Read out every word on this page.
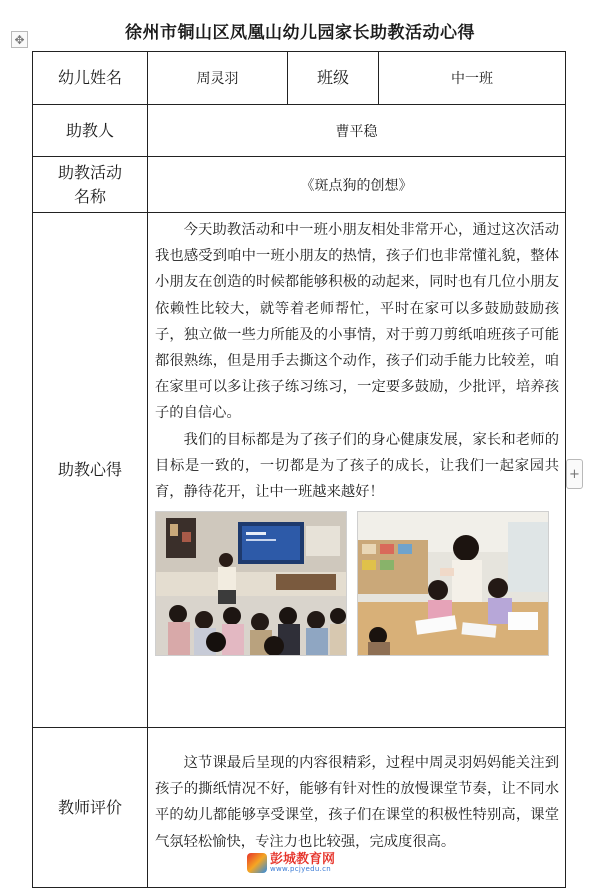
徐州市铜山区凤凰山幼儿园家长助教活动心得
✥
+
幼儿姓名	周灵羽	班级	中一班
助教人	曹平稳		

助教活动
名称	《斑点狗的创想》		
助教心得	今天助教活动和中一班小朋友相处非常开心，通过这次活动我也感受到咱中一班小朋友的热情，孩子们也非常懂礼貌，整体小朋友在创造的时候都能够积极的动起来，同时也有几位小朋友依赖性比较大，就等着老师帮忙，平时在家可以多鼓励鼓励孩子，独立做一些力所能及的小事情，对于剪刀剪纸咱班孩子可能都很熟练，但是用手去撕这个动作，孩子们动手能力比较差，咱在家里可以多让孩子练习练习，一定要多鼓励，少批评，培养孩子的自信心。

我们的目标都是为了孩子们的身心健康发展，家长和老师的目标是一致的，一切都是为了孩子的成长，让我们一起家园共育，静待花开，让中一班越来越好！		

教师评价	这节课最后呈现的内容很精彩，过程中周灵羽妈妈能关注到孩子的撕纸情况不好，能够有针对性的放慢课堂节奏，让不同水平的幼儿都能够享受课堂，孩子们在课堂的积极性特别高，课堂气氛轻松愉快，专注力也比较强，完成度很高。		

彭城教育网
www.pcjyedu.cn
